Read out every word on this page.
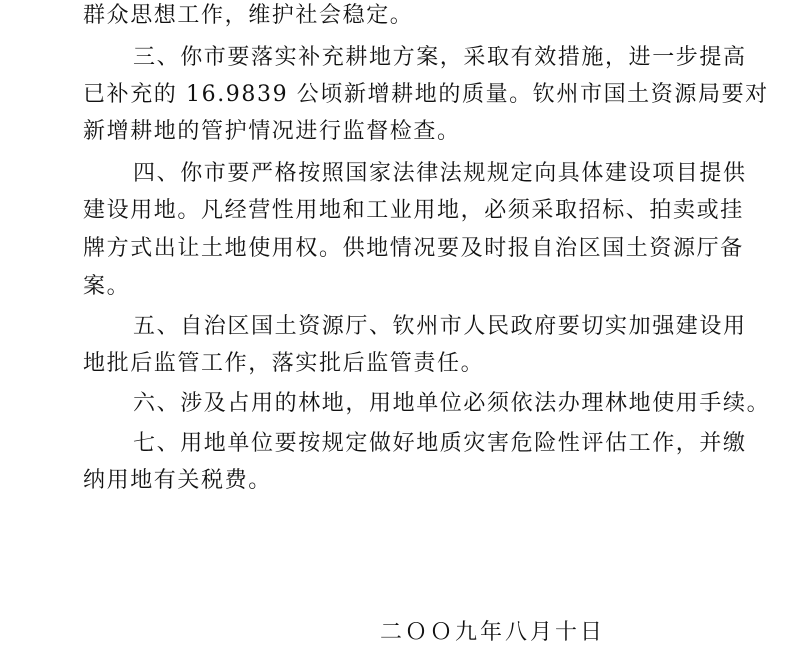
群众思想工作，维护社会稳定。
三、你市要落实补充耕地方案，采取有效措施，进一步提高
已补充的 16.9839 公顷新增耕地的质量。钦州市国土资源局要对
新增耕地的管护情况进行监督检查。
四、你市要严格按照国家法律法规规定向具体建设项目提供
建设用地。凡经营性用地和工业用地，必须采取招标、拍卖或挂
牌方式出让土地使用权。供地情况要及时报自治区国土资源厅备
案。
五、自治区国土资源厅、钦州市人民政府要切实加强建设用
地批后监管工作，落实批后监管责任。
六、涉及占用的林地，用地单位必须依法办理林地使用手续。
七、用地单位要按规定做好地质灾害危险性评估工作，并缴
纳用地有关税费。
二ＯＯ九年八月十日
